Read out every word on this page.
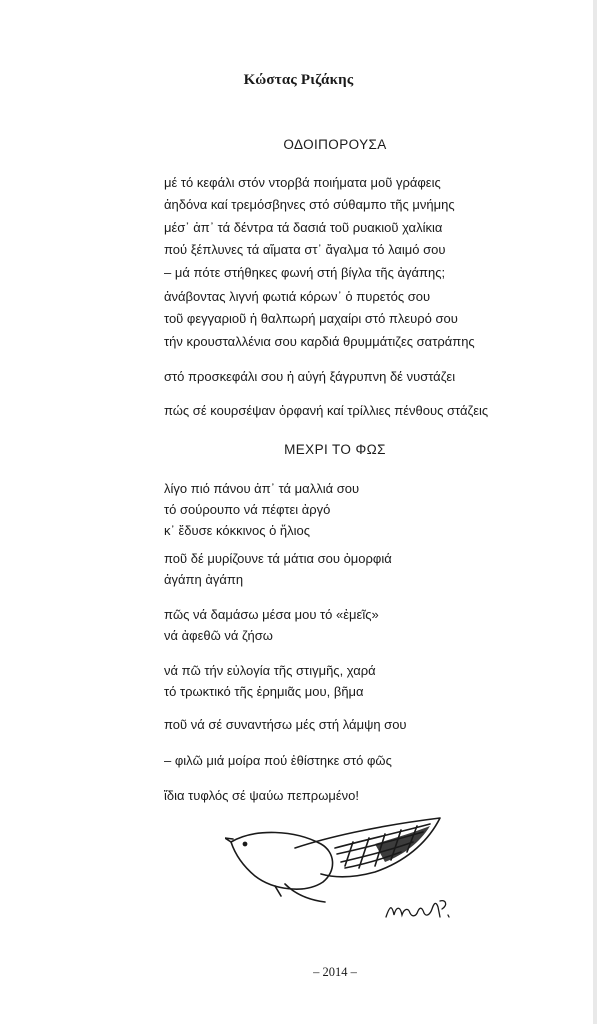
Κώστας Ριζάκης
ΟΔΟΙΠΟΡΟΥΣΑ
μέ τό κεφάλι στόν ντορβά ποιήματα μοῦ γράφεις
ἀηδόνα καί τρεμόσβηνες στό σύθαμπο τῆς μνήμης
μέσ᾽ ἀπ᾽ τά δέντρα τά δασιά τοῦ ρυακιοῦ χαλίκια
πού ξέπλυνες τά αἵματα στ᾽ ἄγαλμα τό λαιμό σου
– μά πότε στήθηκες φωνή στή βίγλα τῆς ἀγάπης;
ἀνάβοντας λιγνή φωτιά κόρων᾽ ὁ πυρετός σου
τοῦ φεγγαριοῦ ἡ θαλπωρή μαχαίρι στό πλευρό σου
τήν κρουσταλλένια σου καρδιά θρυμμάτιζες σατράπης
στό προσκεφάλι σου ἡ αὐγή ξάγρυπνη δέ νυστάζει
πώς σέ κουρσέψαν ὀρφανή καί τρίλλιες πένθους στάζεις
ΜΕΧΡΙ ΤΟ ΦΩΣ
λίγο πιό πάνου ἀπ᾽ τά μαλλιά σου
τό σούρουπο νά πέφτει ἀργό
κ᾽ ἔδυσε κόκκινος ὁ ἥλιος
ποῦ δέ μυρίζουνε τά μάτια σου ὀμορφιά
ἀγάπη ἀγάπη
πῶς νά δαμάσω μέσα μου τό «ἐμεῖς»
νά ἀφεθῶ νά ζήσω
νά πῶ τήν εὐλογία τῆς στιγμῆς, χαρά
τό τρωκτικό τῆς ἐρημιᾶς μου, βῆμα
ποῦ νά σέ συναντήσω μές στή λάμψη σου
– φιλῶ μιά μοίρα πού ἐθίστηκε στό φῶς
ἴδια τυφλός σέ ψαύω πεπρωμένο!
– 2014 –
